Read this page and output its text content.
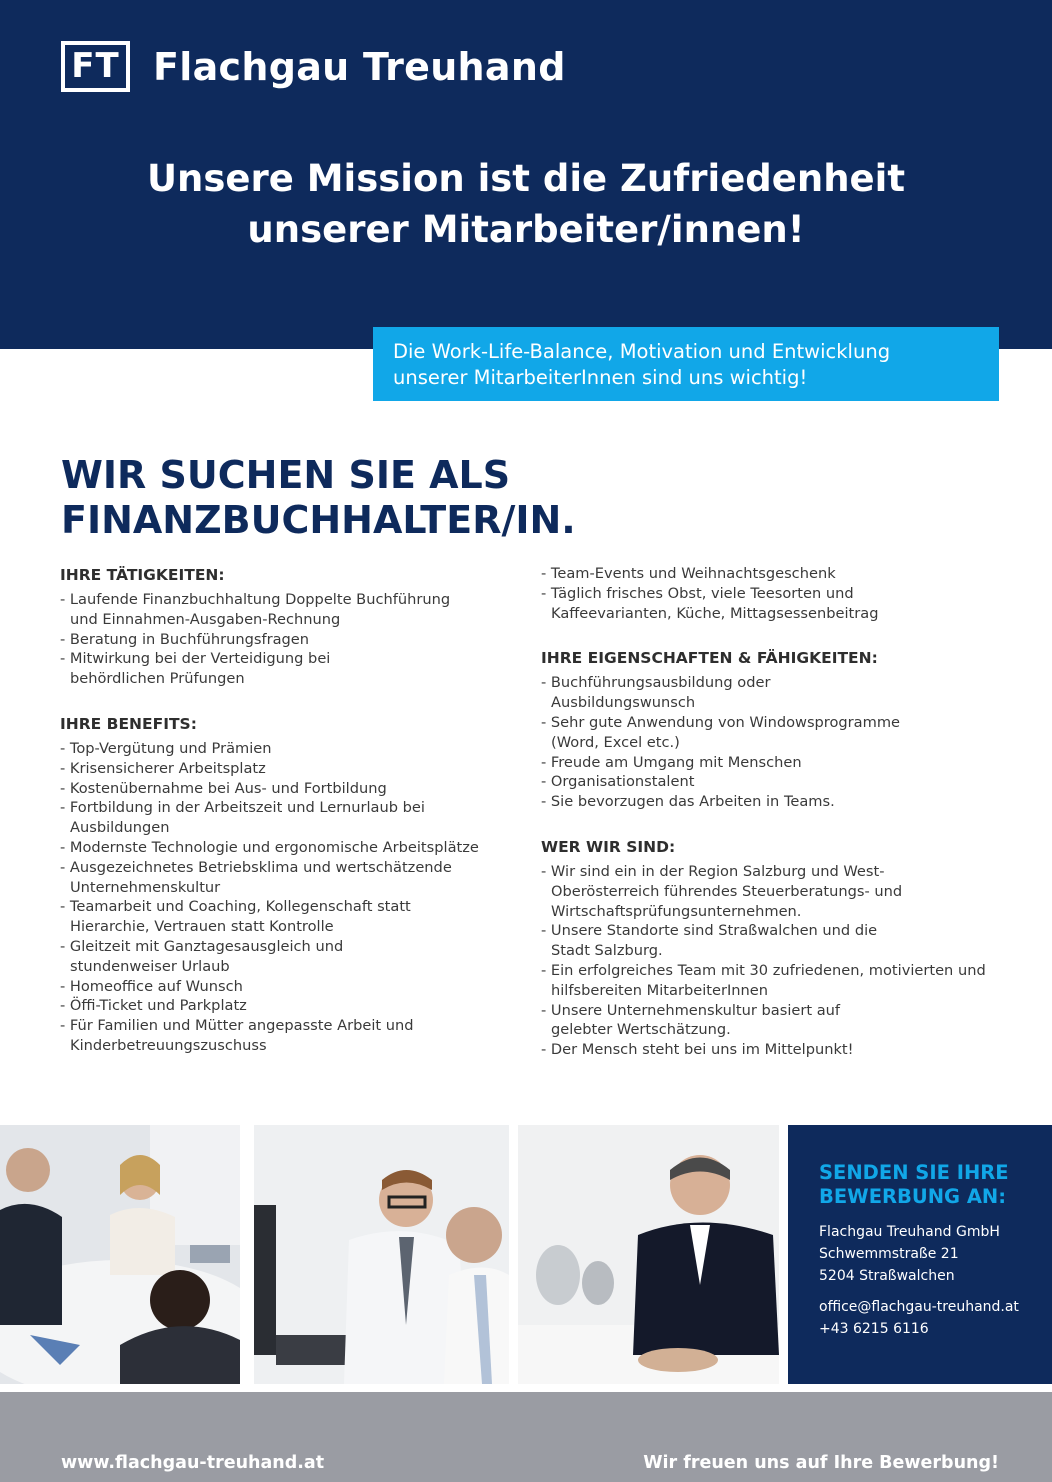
FT Flachgau Treuhand
Unsere Mission ist die Zufriedenheit
unserer Mitarbeiter/innen!
Die Work-Life-Balance, Motivation und Entwicklung
unserer MitarbeiterInnen sind uns wichtig!
WIR SUCHEN SIE ALS
FINANZBUCHHALTER/IN.
IHRE TÄTIGKEITEN:
- Laufende Finanzbuchhaltung Doppelte Buchführung und Einnahmen-Ausgaben-Rechnung
- Beratung in Buchführungsfragen
- Mitwirkung bei der Verteidigung bei behördlichen Prüfungen
IHRE BENEFITS:
- Top-Vergütung und Prämien
- Krisensicherer Arbeitsplatz
- Kostenübernahme bei Aus- und Fortbildung
- Fortbildung in der Arbeitszeit und Lernurlaub bei Ausbildungen
- Modernste Technologie und ergonomische Arbeitsplätze
- Ausgezeichnetes Betriebsklima und wertschätzende Unternehmenskultur
- Teamarbeit und Coaching, Kollegenschaft statt Hierarchie, Vertrauen statt Kontrolle
- Gleitzeit mit Ganztagesausgleich und stundenweiser Urlaub
- Homeoffice auf Wunsch
- Öffi-Ticket und Parkplatz
- Für Familien und Mütter angepasste Arbeit und Kinderbetreuungszuschuss
- Team-Events und Weihnachtsgeschenk
- Täglich frisches Obst, viele Teesorten und Kaffeevarianten, Küche, Mittagsessenbeitrag
IHRE EIGENSCHAFTEN & FÄHIGKEITEN:
- Buchführungsausbildung oder Ausbildungswunsch
- Sehr gute Anwendung von Windowsprogramme (Word, Excel etc.)
- Freude am Umgang mit Menschen
- Organisationstalent
- Sie bevorzugen das Arbeiten in Teams.
WER WIR SIND:
- Wir sind ein in der Region Salzburg und West-Oberösterreich führendes Steuerberatungs- und Wirtschaftsprüfungsunternehmen.
- Unsere Standorte sind Straßwalchen und die Stadt Salzburg.
- Ein erfolgreiches Team mit 30 zufriedenen, motivierten und hilfsbereiten MitarbeiterInnen
- Unsere Unternehmenskultur basiert auf gelebter Wertschätzung.
- Der Mensch steht bei uns im Mittelpunkt!
SENDEN SIE IHRE
BEWERBUNG AN:
Flachgau Treuhand GmbH
Schwemmstraße 21
5204 Straßwalchen
office@flachgau-treuhand.at
+43 6215 6116
www.flachgau-treuhand.at	Wir freuen uns auf Ihre Bewerbung!
